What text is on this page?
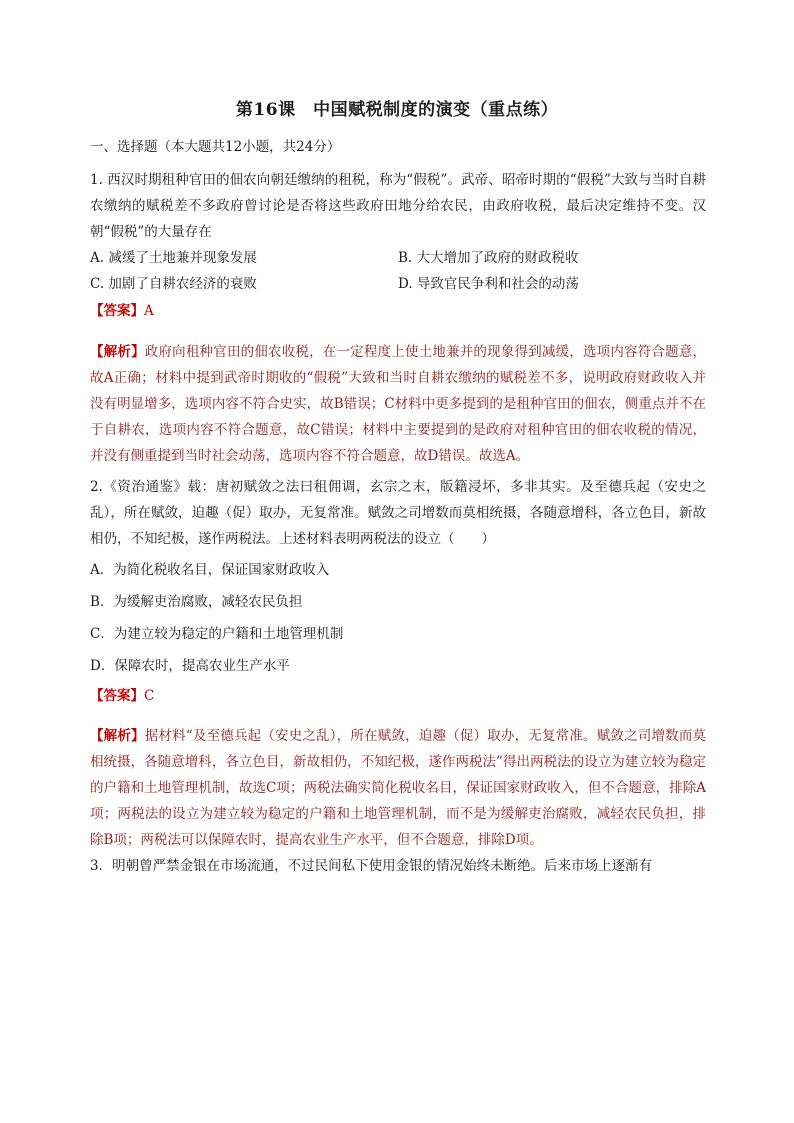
第16课　中国赋税制度的演变（重点练）
一、选择题（本大题共12小题，共24分）

1. 西汉时期租种官田的佃农向朝廷缴纳的租税，称为“假税”。武帝、昭帝时期的“假税”大致与当时自耕农缴纳的赋税差不多政府曾讨论是否将这些政府田地分给农民，由政府收税，最后决定维持不变。汉朝“假税”的大量存在

A. 减缓了土地兼并现象发展	B. 大大增加了政府的财政税收
C. 加剧了自耕农经济的衰败	D. 导致官民争利和社会的动荡
【答案】A

【解析】政府向租种官田的佃农收税，在一定程度上使土地兼并的现象得到减缓，选项内容符合题意，故A正确；材料中提到武帝时期收的“假税”大致和当时自耕农缴纳的赋税差不多，说明政府财政收入并没有明显增多，选项内容不符合史实，故B错误；C材料中更多提到的是租种官田的佃农，侧重点并不在于自耕农，选项内容不符合题意，故C错误；材料中主要提到的是政府对租种官田的佃农收税的情况，并没有侧重提到当时社会动荡，选项内容不符合题意，故D错误。故选A。

2.《资治通鉴》载：唐初赋敛之法曰租佣调，玄宗之末，版籍浸坏，多非其实。及至德兵起（安史之乱），所在赋敛，迫趣（促）取办，无复常准。赋敛之司增数而莫相统摄，各随意增科，各立色目，新故相仍，不知纪极，遂作两税法。上述材料表明两税法的设立（　　）

A．为简化税收名目，保证国家财政收入
B．为缓解吏治腐败，减轻农民负担
C．为建立较为稳定的户籍和土地管理机制
D．保障农时，提高农业生产水平
【答案】C

【解析】据材料“及至德兵起（安史之乱），所在赋敛，迫趣（促）取办，无复常准。赋敛之司增数而莫相统摄，各随意增科，各立色目，新故相仍，不知纪极，遂作两税法”得出两税法的设立为建立较为稳定的户籍和土地管理机制，故选C项；两税法确实简化税收名目，保证国家财政收入，但不合题意，排除A项；两税法的设立为建立较为稳定的户籍和土地管理机制，而不是为缓解吏治腐败，减轻农民负担，排除B项；两税法可以保障农时，提高农业生产水平，但不合题意，排除D项。

3．明朝曾严禁金银在市场流通，不过民间私下使用金银的情况始终未断绝。后来市场上逐渐有
